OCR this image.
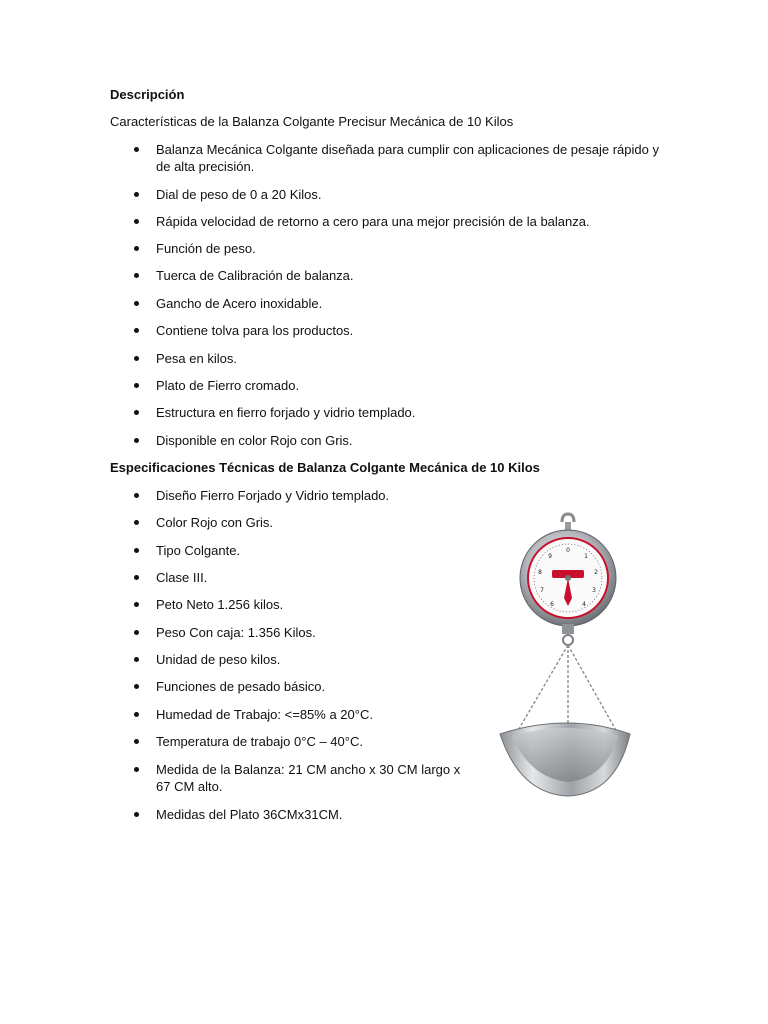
Descripción
Características de la Balanza Colgante Precisur Mecánica de 10 Kilos
Balanza Mecánica Colgante diseñada para cumplir con aplicaciones de pesaje rápido y
de alta precisión.
Dial de peso de 0 a 20 Kilos.
Rápida velocidad de retorno a cero para una mejor precisión de la balanza.
Función de peso.
Tuerca de Calibración de balanza.
Gancho de Acero inoxidable.
Contiene tolva para los productos.
Pesa en kilos.
Plato de Fierro cromado.
Estructura en fierro forjado y vidrio templado.
Disponible en color Rojo con Gris.
Especificaciones Técnicas de Balanza Colgante Mecánica de 10 Kilos
Diseño Fierro Forjado y Vidrio templado.
Color Rojo con Gris.
Tipo Colgante.
Clase III.
Peto Neto 1.256 kilos.
Peso Con caja: 1.356 Kilos.
Unidad de peso kilos.
Funciones de pesado básico.
Humedad de Trabajo: <=85% a 20°C.
Temperatura de trabajo 0°C – 40°C.
Medida de la Balanza: 21 CM ancho x 30 CM largo x
67 CM alto.
Medidas del Plato 36CMx31CM.
0
1
2
3
4
6
7
8
9
